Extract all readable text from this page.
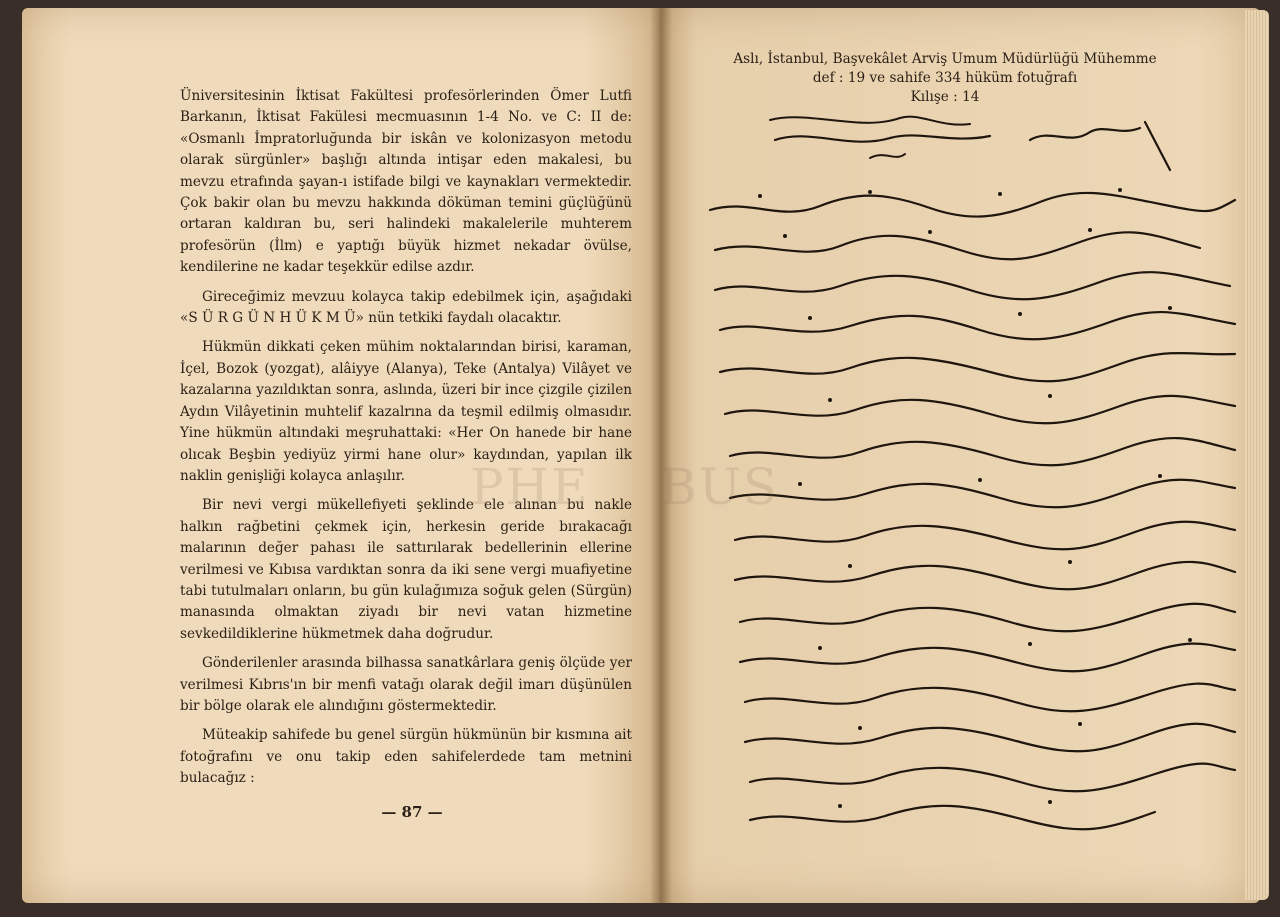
Üniversitesinin İktisat Fakültesi profesörlerinden Ömer Lutfi Barkanın, İktisat Fakülesi mecmuasının 1-4 No. ve C: II de: «Osmanlı İmpratorluğunda bir iskân ve kolonizasyon metodu olarak sürgünler» başlığı altında intişar eden makalesi, bu mevzu etrafında şayan-ı istifade bilgi ve kaynakları vermektedir. Çok bakir olan bu mevzu hakkında döküman temini güçlüğünü ortaran kaldıran bu, seri halindeki makalelerile muhterem profesörün (İlm) e yaptığı büyük hizmet nekadar övülse, kendilerine ne kadar teşekkür edilse azdır.

Gireceğimiz mevzuu kolayca takip edebilmek için, aşağıdaki «S Ü R G Ü N H Ü K M Ü» nün tetkiki faydalı olacaktır.

Hükmün dikkati çeken mühim noktalarından birisi, karaman, İçel, Bozok (yozgat), alâiyye (Alanya), Teke (Antalya) Vilâyet ve kazalarına yazıldıktan sonra, aslında, üzeri bir ince çizgile çizilen Aydın Vilâyetinin muhtelif kazalrına da teşmil edilmiş olmasıdır. Yine hükmün altındaki meşruhattaki: «Her On hanede bir hane olıcak Beşbin yediyüz yirmi hane olur» kaydından, yapılan ilk naklin genişliği kolayca anlaşılır.

Bir nevi vergi mükellefiyeti şeklinde ele alınan bu nakle halkın rağbetini çekmek için, herkesin geride bırakacağı malarının değer pahası ile sattırılarak bedellerinin ellerine verilmesi ve Kıbısa vardıktan sonra da iki sene vergi muafiyetine tabi tutulmaları onların, bu gün kulağımıza soğuk gelen (Sürgün) manasında olmaktan ziyadı bir nevi vatan hizmetine sevkedildiklerine hükmetmek daha doğrudur.

Gönderilenler arasında bilhassa sanatkârlara geniş ölçüde yer verilmesi Kıbrıs'ın bir menfi vatağı olarak değil imarı düşünülen bir bölge olarak ele alındığını göstermektedir.

Müteakip sahifede bu genel sürgün hükmünün bir kısmına ait fotoğrafını ve onu takip eden sahifelerdede tam metnini bulacağız :

— 87 —
Aslı, İstanbul, Başvekâlet Arviş Umum Müdürlüğü Mühemme
def : 19 ve sahife 334 hüküm fotuğrafı
Kılışe : 14
